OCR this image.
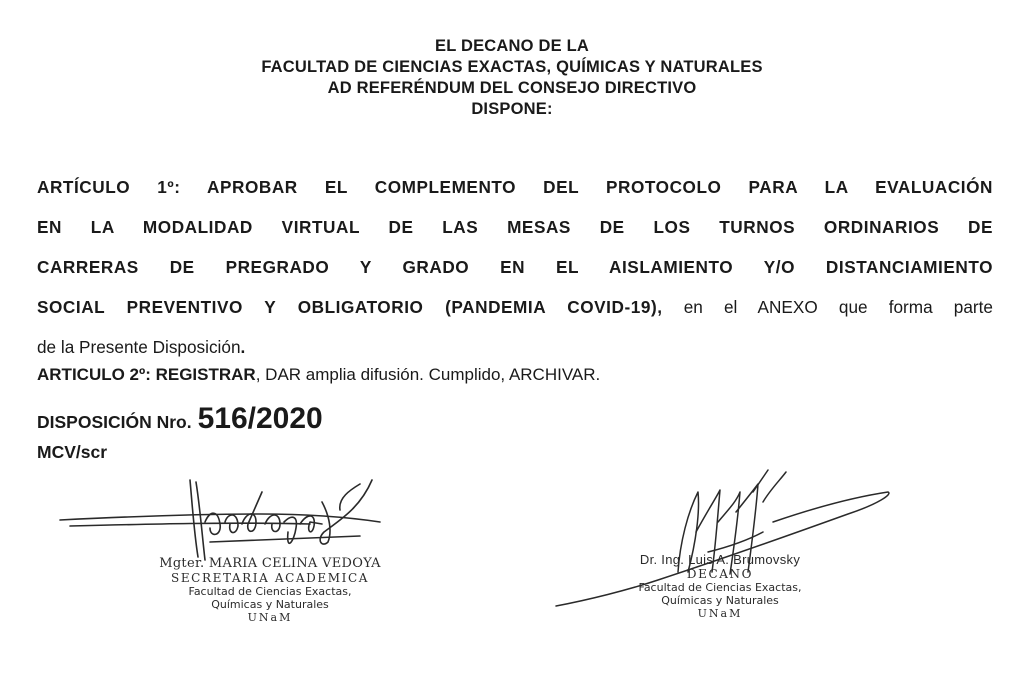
EL DECANO DE LA
FACULTAD DE CIENCIAS EXACTAS, QUÍMICAS Y NATURALES
AD REFERÉNDUM DEL CONSEJO DIRECTIVO
DISPONE:
ARTÍCULO 1º: APROBAR EL COMPLEMENTO DEL PROTOCOLO PARA LA EVALUACIÓN
EN LA MODALIDAD VIRTUAL DE LAS MESAS DE LOS TURNOS ORDINARIOS DE
CARRERAS DE PREGRADO Y GRADO EN EL AISLAMIENTO Y/O DISTANCIAMIENTO
SOCIAL PREVENTIVO Y OBLIGATORIO (PANDEMIA COVID-19), en el ANEXO que forma parte
de la Presente Disposición.
ARTICULO 2º: REGISTRAR, DAR amplia difusión. Cumplido, ARCHIVAR.
DISPOSICIÓN Nro. 516/2020
MCV/scr
Mgter. MARIA CELINA VEDOYA
SECRETARIA ACADEMICA
Facultad de Ciencias Exactas,
Químicas y Naturales
UNaM
Dr. Ing. Luis A. Brumovsky
DECANO
Facultad de Ciencias Exactas,
Químicas y Naturales
UNaM
